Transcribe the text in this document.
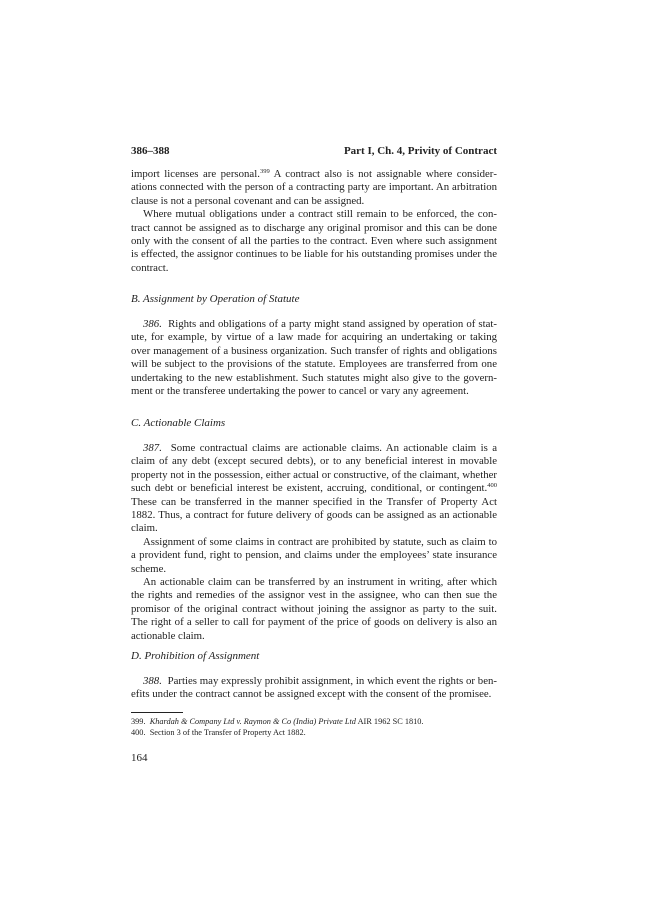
386–388	Part I, Ch. 4, Privity of Contract

import licenses are personal.$^{399}$ A contract also is not assignable where considerations connected with the person of a contracting party are important. An arbitration clause is not a personal covenant and can be assigned.

Where mutual obligations under a contract still remain to be enforced, the contract cannot be assigned as to discharge any original promisor and this can be done only with the consent of all the parties to the contract. Even where such assignment is effected, the assignor continues to be liable for his outstanding promises under the contract.

B. Assignment by Operation of Statute

386. Rights and obligations of a party might stand assigned by operation of statute, for example, by virtue of a law made for acquiring an undertaking or taking over management of a business organization. Such transfer of rights and obligations will be subject to the provisions of the statute. Employees are transferred from one undertaking to the new establishment. Such statutes might also give to the government or the transferee undertaking the power to cancel or vary any agreement.

C. Actionable Claims

387. Some contractual claims are actionable claims. An actionable claim is a claim of any debt (except secured debts), or to any beneficial interest in movable property not in the possession, either actual or constructive, of the claimant, whether such debt or beneficial interest be existent, accruing, conditional, or contingent.$^{400}$ These can be transferred in the manner specified in the Transfer of Property Act 1882. Thus, a contract for future delivery of goods can be assigned as an actionable claim.

Assignment of some claims in contract are prohibited by statute, such as claim to a provident fund, right to pension, and claims under the employees’ state insurance scheme.

An actionable claim can be transferred by an instrument in writing, after which the rights and remedies of the assignor vest in the assignee, who can then sue the promisor of the original contract without joining the assignor as party to the suit. The right of a seller to call for payment of the price of goods on delivery is also an actionable claim.

D. Prohibition of Assignment

388. Parties may expressly prohibit assignment, in which event the rights or benefits under the contract cannot be assigned except with the consent of the promisee.

399. Khardah & Company Ltd v. Raymon & Co (India) Private Ltd AIR 1962 SC 1810.
400. Section 3 of the Transfer of Property Act 1882.
164
